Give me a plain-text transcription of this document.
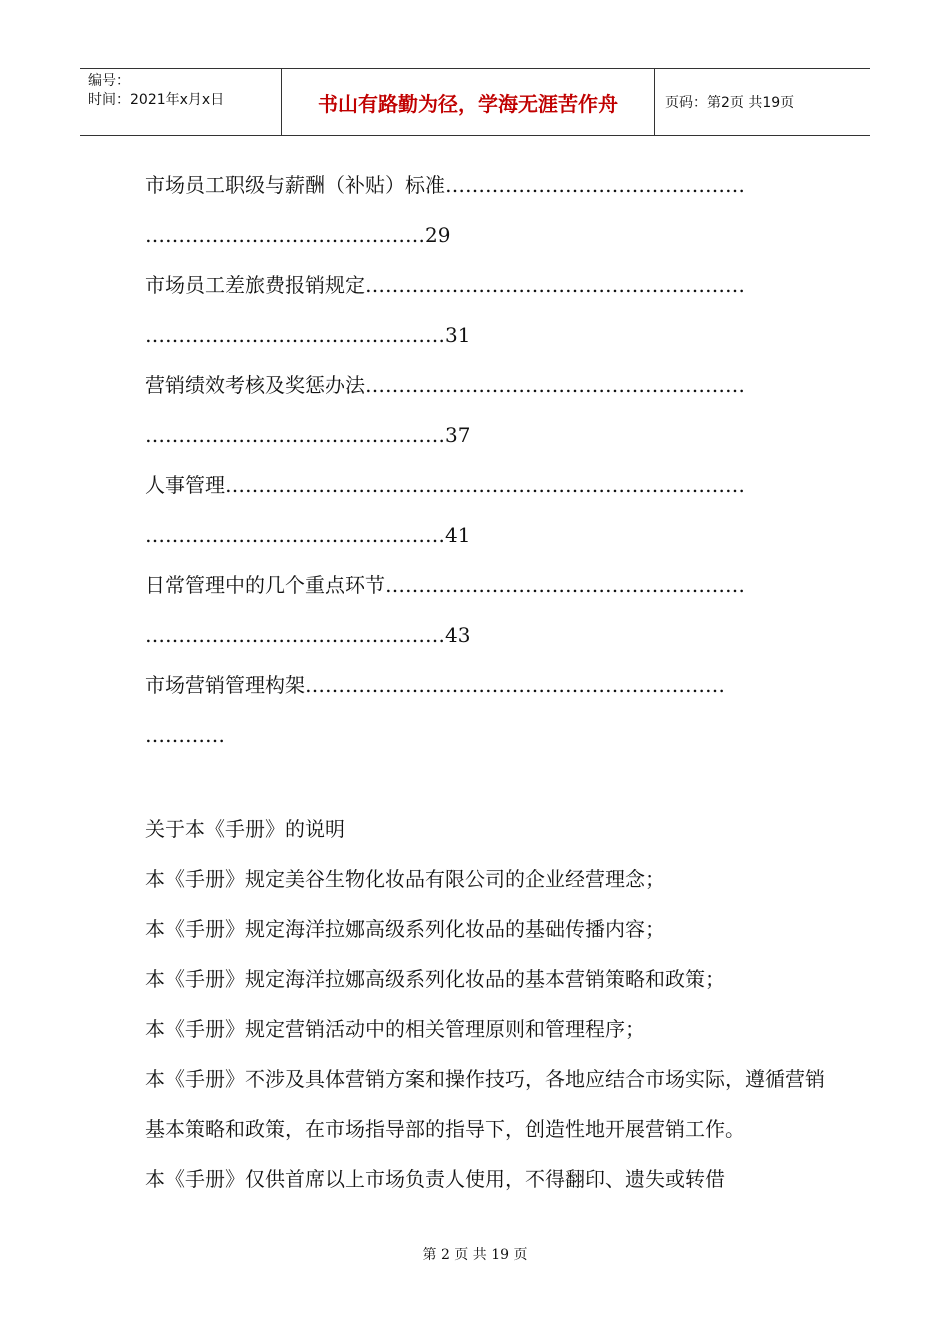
编号：
时间：2021年x月x日	书山有路勤为径，学海无涯苦作舟	页码：第2页 共19页
市场员工职级与薪酬（补贴）标准………………………………………
……………………………………29
市场员工差旅费报销规定…………………………………………………
………………………………………31
营销绩效考核及奖惩办法…………………………………………………
………………………………………37
人事管理……………………………………………………………………
………………………………………41
日常管理中的几个重点环节………………………………………………
………………………………………43
市场营销管理构架………………………………………………………
…………

关于本《手册》的说明

本《手册》规定美谷生物化妆品有限公司的企业经营理念；

本《手册》规定海洋拉娜高级系列化妆品的基础传播内容；

本《手册》规定海洋拉娜高级系列化妆品的基本营销策略和政策；

本《手册》规定营销活动中的相关管理原则和管理程序；

本《手册》不涉及具体营销方案和操作技巧，各地应结合市场实际，遵循营销基本策略和政策，在市场指导部的指导下，创造性地开展营销工作。

本《手册》仅供首席以上市场负责人使用，不得翻印、遗失或转借

第 2 页 共 19 页
